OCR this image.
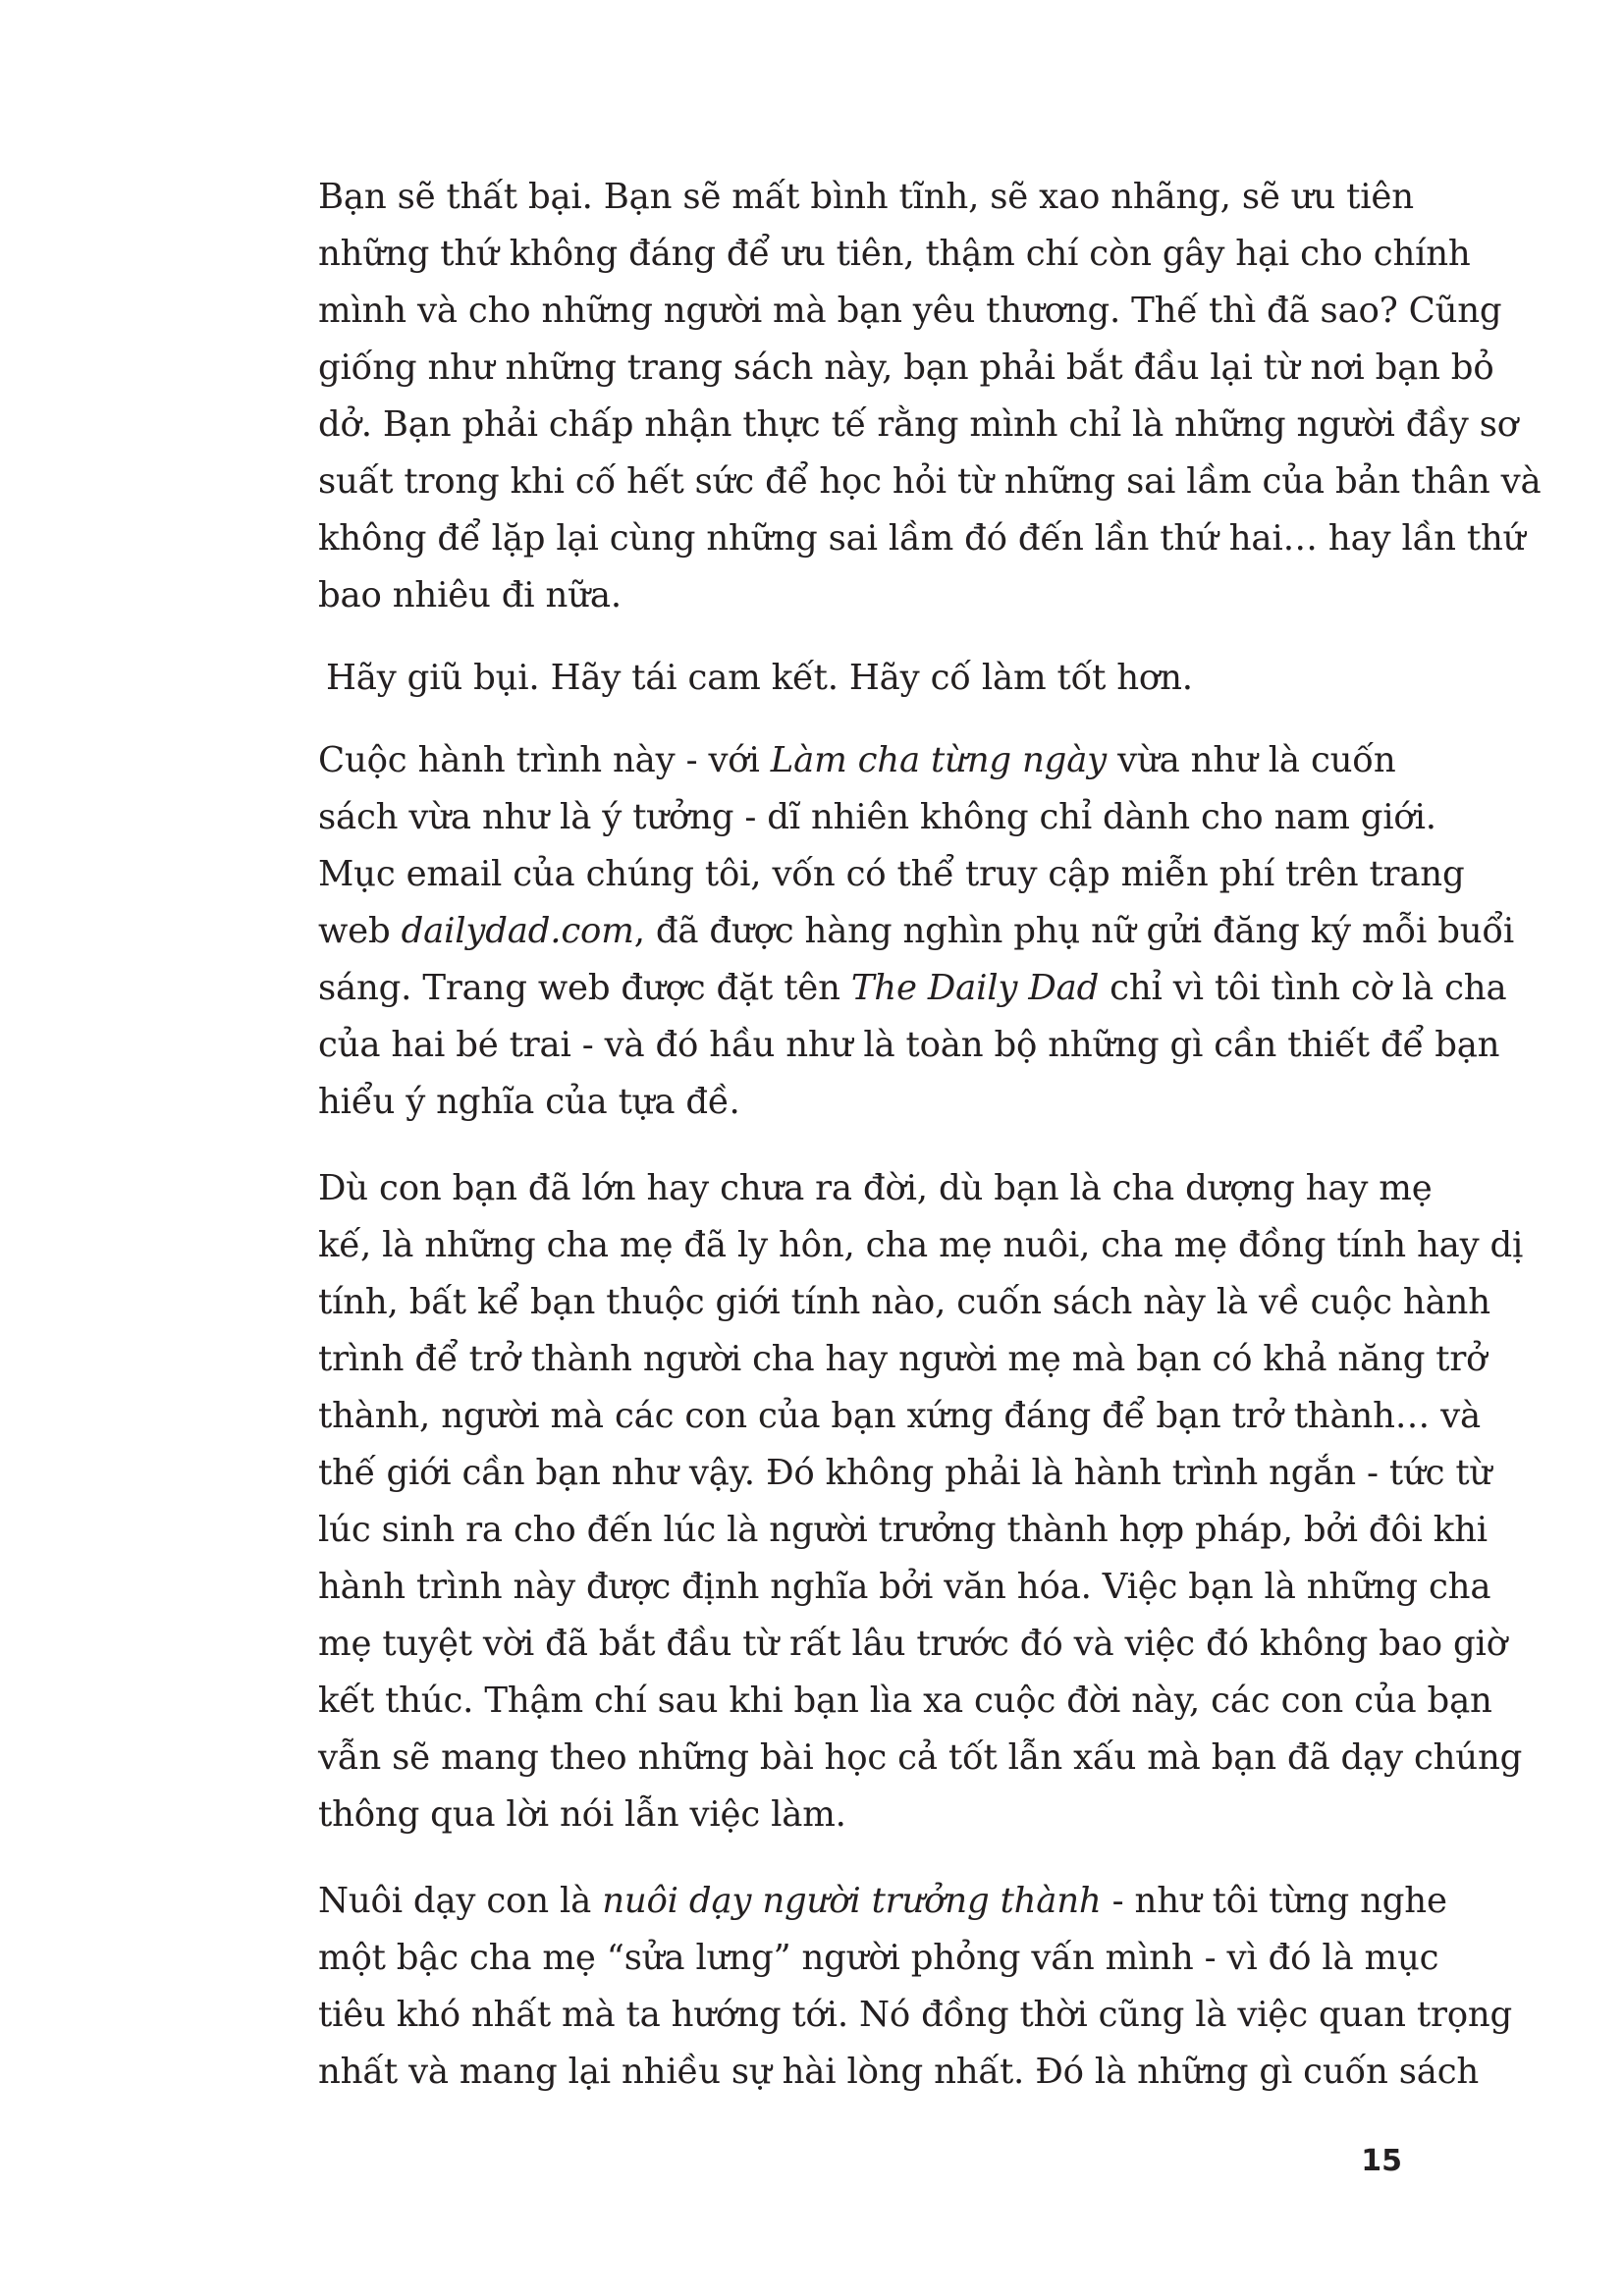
Bạn sẽ thất bại. Bạn sẽ mất bình tĩnh, sẽ xao nhãng, sẽ ưu tiên
những thứ không đáng để ưu tiên, thậm chí còn gây hại cho chính
mình và cho những người mà bạn yêu thương. Thế thì đã sao? Cũng
giống như những trang sách này, bạn phải bắt đầu lại từ nơi bạn bỏ
dở. Bạn phải chấp nhận thực tế rằng mình chỉ là những người đầy sơ
suất trong khi cố hết sức để học hỏi từ những sai lầm của bản thân và
không để lặp lại cùng những sai lầm đó đến lần thứ hai… hay lần thứ
bao nhiêu đi nữa.
Hãy giũ bụi. Hãy tái cam kết. Hãy cố làm tốt hơn.
Cuộc hành trình này - với Làm cha từng ngày vừa như là cuốn
sách vừa như là ý tưởng - dĩ nhiên không chỉ dành cho nam giới.
Mục email của chúng tôi, vốn có thể truy cập miễn phí trên trang
web dailydad.com, đã được hàng nghìn phụ nữ gửi đăng ký mỗi buổi
sáng. Trang web được đặt tên The Daily Dad chỉ vì tôi tình cờ là cha
của hai bé trai - và đó hầu như là toàn bộ những gì cần thiết để bạn
hiểu ý nghĩa của tựa đề.
Dù con bạn đã lớn hay chưa ra đời, dù bạn là cha dượng hay mẹ
kế, là những cha mẹ đã ly hôn, cha mẹ nuôi, cha mẹ đồng tính hay dị
tính, bất kể bạn thuộc giới tính nào, cuốn sách này là về cuộc hành
trình để trở thành người cha hay người mẹ mà bạn có khả năng trở
thành, người mà các con của bạn xứng đáng để bạn trở thành… và
thế giới cần bạn như vậy. Đó không phải là hành trình ngắn - tức từ
lúc sinh ra cho đến lúc là người trưởng thành hợp pháp, bởi đôi khi
hành trình này được định nghĩa bởi văn hóa. Việc bạn là những cha
mẹ tuyệt vời đã bắt đầu từ rất lâu trước đó và việc đó không bao giờ
kết thúc. Thậm chí sau khi bạn lìa xa cuộc đời này, các con của bạn
vẫn sẽ mang theo những bài học cả tốt lẫn xấu mà bạn đã dạy chúng
thông qua lời nói lẫn việc làm.
Nuôi dạy con là nuôi dạy người trưởng thành - như tôi từng nghe
một bậc cha mẹ “sửa lưng” người phỏng vấn mình - vì đó là mục
tiêu khó nhất mà ta hướng tới. Nó đồng thời cũng là việc quan trọng
nhất và mang lại nhiều sự hài lòng nhất. Đó là những gì cuốn sách
15
